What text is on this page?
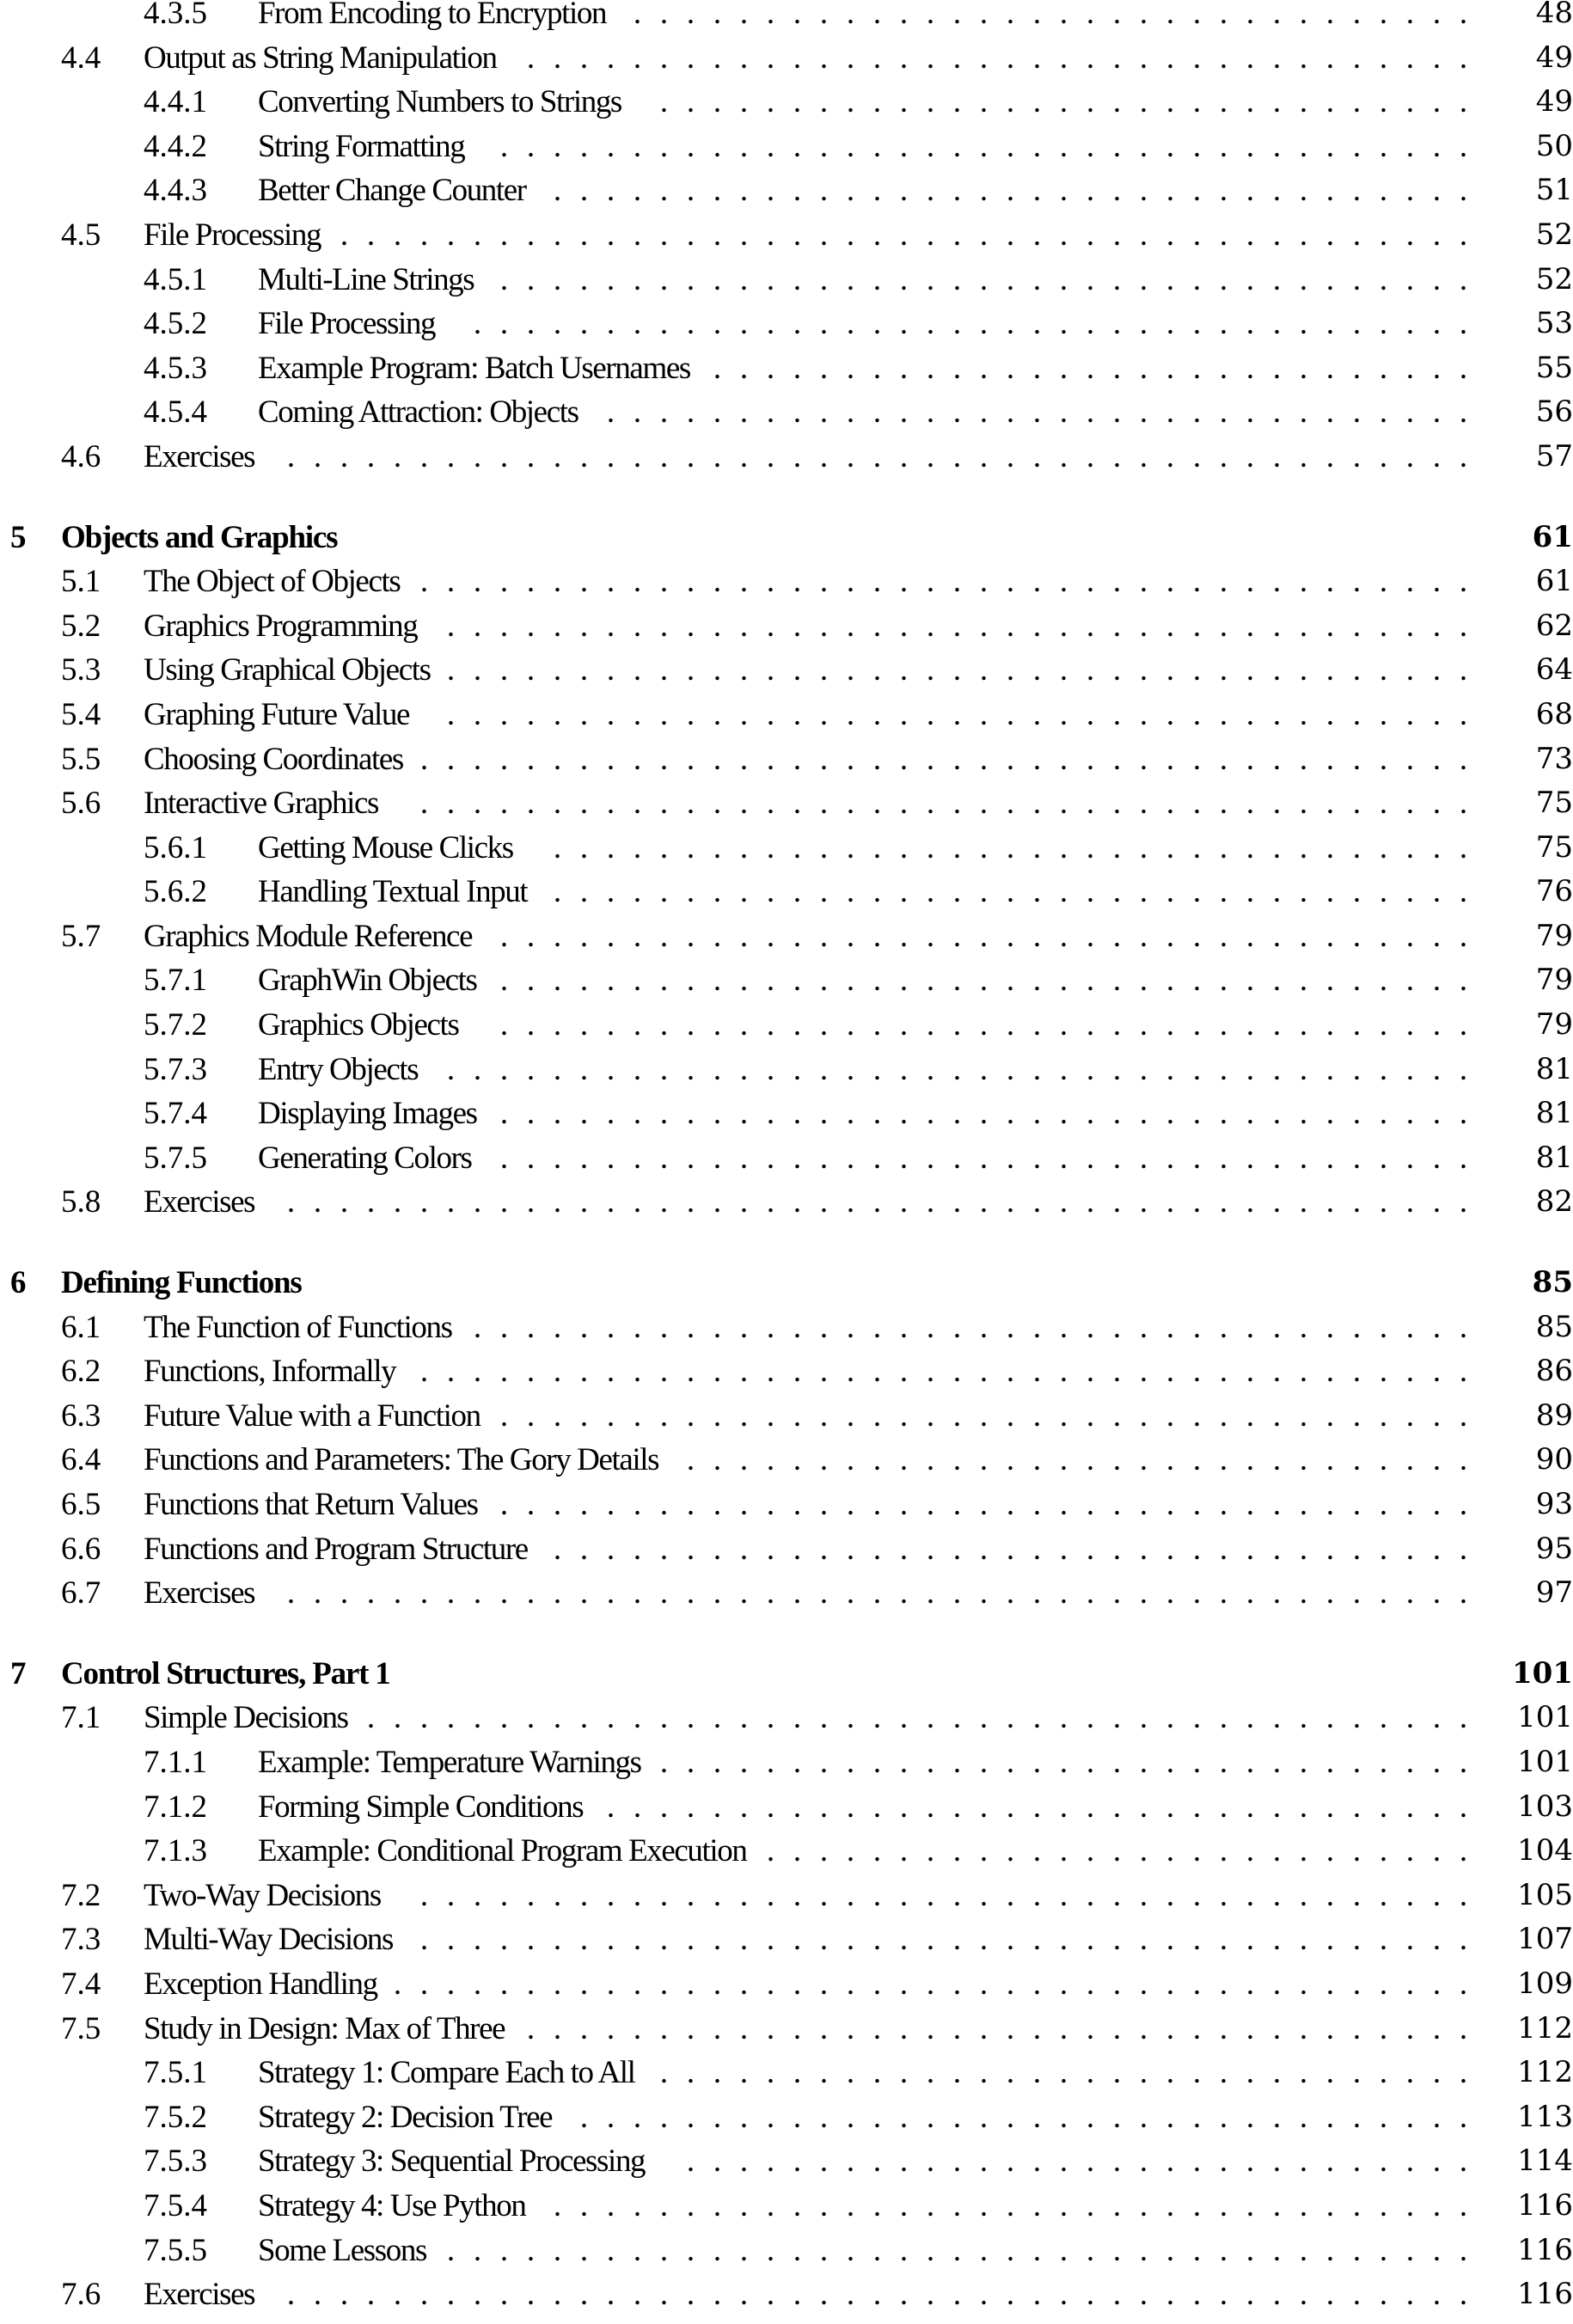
4.3.5 From Encoding to Encryption . . . . . . . . . . . . . . . . . . . . . . . . . . . . . . . .	48
4.4 Output as String Manipulation . . . . . . . . . . . . . . . . . . . . . . . . . . . . . . . . . . . .	49
4.4.1 Converting Numbers to Strings . . . . . . . . . . . . . . . . . . . . . . . . . . . . . . .	49
4.4.2 String Formatting . . . . . . . . . . . . . . . . . . . . . . . . . . . . . . . . . . . . .	50
4.4.3 Better Change Counter . . . . . . . . . . . . . . . . . . . . . . . . . . . . . . . . . . .	51
4.5 File Processing . . . . . . . . . . . . . . . . . . . . . . . . . . . . . . . . . . . . . . . . . . .	52
4.5.1 Multi-Line Strings . . . . . . . . . . . . . . . . . . . . . . . . . . . . . . . . . . . . .	52
4.5.2 File Processing . . . . . . . . . . . . . . . . . . . . . . . . . . . . . . . . . . . . . .	53
4.5.3 Example Program: Batch Usernames . . . . . . . . . . . . . . . . . . . . . . . . . . . . .	55
4.5.4 Coming Attraction: Objects . . . . . . . . . . . . . . . . . . . . . . . . . . . . . . . . .	56
4.6 Exercises . . . . . . . . . . . . . . . . . . . . . . . . . . . . . . . . . . . . . . . . . . . . .	57
5 Objects and Graphics	61
5.1 The Object of Objects . . . . . . . . . . . . . . . . . . . . . . . . . . . . . . . . . . . . . . . .	61
5.2 Graphics Programming . . . . . . . . . . . . . . . . . . . . . . . . . . . . . . . . . . . . . . .	62
5.3 Using Graphical Objects . . . . . . . . . . . . . . . . . . . . . . . . . . . . . . . . . . . . . . .	64
5.4 Graphing Future Value . . . . . . . . . . . . . . . . . . . . . . . . . . . . . . . . . . . . . . .	68
5.5 Choosing Coordinates . . . . . . . . . . . . . . . . . . . . . . . . . . . . . . . . . . . . . . . .	73
5.6 Interactive Graphics . . . . . . . . . . . . . . . . . . . . . . . . . . . . . . . . . . . . . . . .	75
5.6.1 Getting Mouse Clicks . . . . . . . . . . . . . . . . . . . . . . . . . . . . . . . . . . .	75
5.6.2 Handling Textual Input . . . . . . . . . . . . . . . . . . . . . . . . . . . . . . . . . . .	76
5.7 Graphics Module Reference . . . . . . . . . . . . . . . . . . . . . . . . . . . . . . . . . . . . .	79
5.7.1 GraphWin Objects . . . . . . . . . . . . . . . . . . . . . . . . . . . . . . . . . . . . .	79
5.7.2 Graphics Objects . . . . . . . . . . . . . . . . . . . . . . . . . . . . . . . . . . . . .	79
5.7.3 Entry Objects . . . . . . . . . . . . . . . . . . . . . . . . . . . . . . . . . . . . . . .	81
5.7.4 Displaying Images . . . . . . . . . . . . . . . . . . . . . . . . . . . . . . . . . . . . .	81
5.7.5 Generating Colors . . . . . . . . . . . . . . . . . . . . . . . . . . . . . . . . . . . . .	81
5.8 Exercises . . . . . . . . . . . . . . . . . . . . . . . . . . . . . . . . . . . . . . . . . . . . .	82
6 Defining Functions	85
6.1 The Function of Functions . . . . . . . . . . . . . . . . . . . . . . . . . . . . . . . . . . . . . .	85
6.2 Functions, Informally . . . . . . . . . . . . . . . . . . . . . . . . . . . . . . . . . . . . . . . .	86
6.3 Future Value with a Function . . . . . . . . . . . . . . . . . . . . . . . . . . . . . . . . . . . . .	89
6.4 Functions and Parameters: The Gory Details . . . . . . . . . . . . . . . . . . . . . . . . . . . . . .	90
6.5 Functions that Return Values . . . . . . . . . . . . . . . . . . . . . . . . . . . . . . . . . . . . .	93
6.6 Functions and Program Structure . . . . . . . . . . . . . . . . . . . . . . . . . . . . . . . . . . .	95
6.7 Exercises . . . . . . . . . . . . . . . . . . . . . . . . . . . . . . . . . . . . . . . . . . . . .	97
7 Control Structures, Part 1	101
7.1 Simple Decisions . . . . . . . . . . . . . . . . . . . . . . . . . . . . . . . . . . . . . . . . . .	101
7.1.1 Example: Temperature Warnings . . . . . . . . . . . . . . . . . . . . . . . . . . . . . . .	101
7.1.2 Forming Simple Conditions . . . . . . . . . . . . . . . . . . . . . . . . . . . . . . . . .	103
7.1.3 Example: Conditional Program Execution . . . . . . . . . . . . . . . . . . . . . . . . . . .	104
7.2 Two-Way Decisions . . . . . . . . . . . . . . . . . . . . . . . . . . . . . . . . . . . . . . . .	105
7.3 Multi-Way Decisions . . . . . . . . . . . . . . . . . . . . . . . . . . . . . . . . . . . . . . . .	107
7.4 Exception Handling . . . . . . . . . . . . . . . . . . . . . . . . . . . . . . . . . . . . . . . . .	109
7.5 Study in Design: Max of Three . . . . . . . . . . . . . . . . . . . . . . . . . . . . . . . . . . . .	112
7.5.1 Strategy 1: Compare Each to All . . . . . . . . . . . . . . . . . . . . . . . . . . . . . . .	112
7.5.2 Strategy 2: Decision Tree . . . . . . . . . . . . . . . . . . . . . . . . . . . . . . . . . .	113
7.5.3 Strategy 3: Sequential Processing . . . . . . . . . . . . . . . . . . . . . . . . . . . . . .	114
7.5.4 Strategy 4: Use Python . . . . . . . . . . . . . . . . . . . . . . . . . . . . . . . . . . .	116
7.5.5 Some Lessons . . . . . . . . . . . . . . . . . . . . . . . . . . . . . . . . . . . . . . .	116
7.6 Exercises . . . . . . . . . . . . . . . . . . . . . . . . . . . . . . . . . . . . . . . . . . . . .	116
